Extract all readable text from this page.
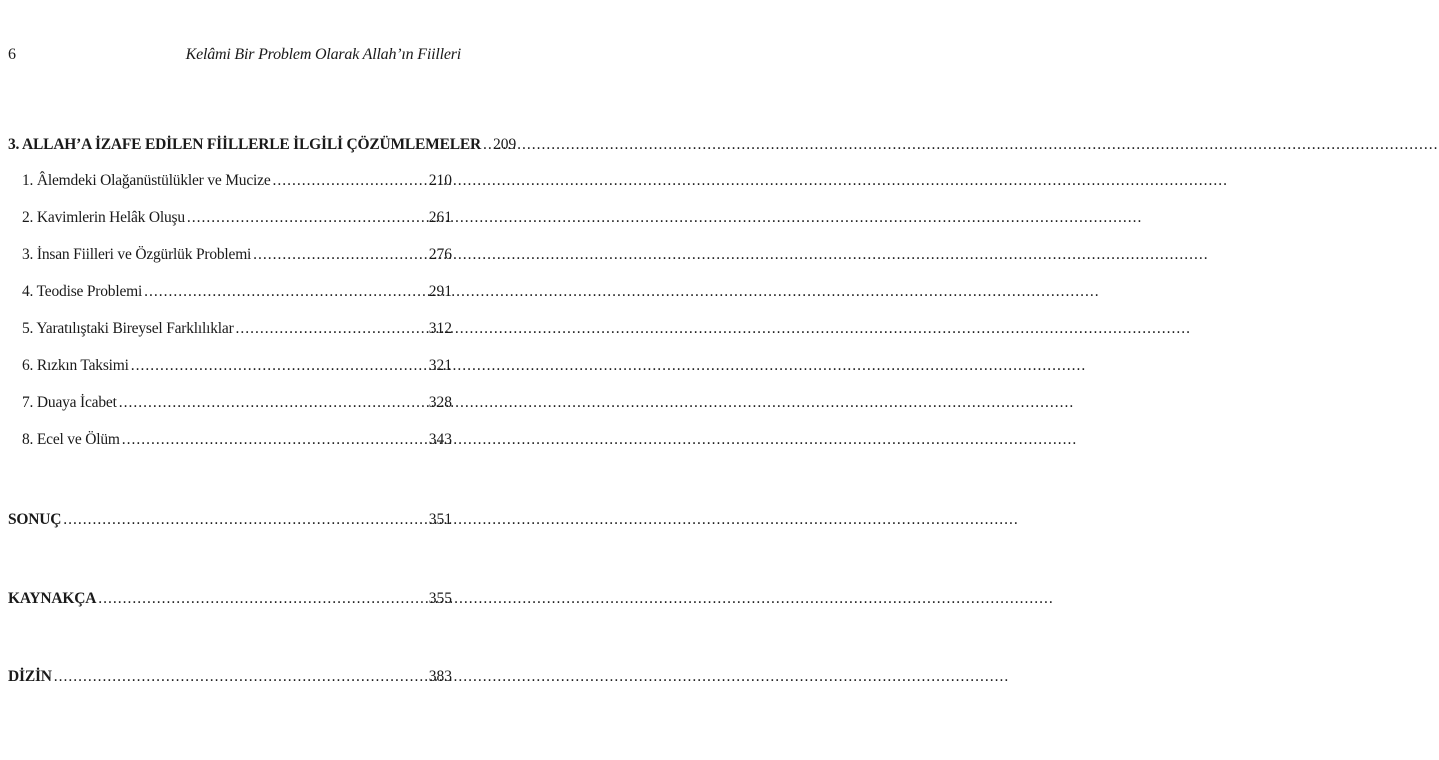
6	Kelâmi Bir Problem Olarak Allah’ın Fiilleri
3. ALLAH’A İZAFE EDİLEN FİİLLERLE İLGİLİ ÇÖZÜMLEMELER ..... 209
1. Âlemdeki Olağanüstülükler ve Mucize .....	210
2. Kavimlerin Helâk Oluşu .....	261
3. İnsan Fiilleri ve Özgürlük Problemi .....	276
4. Teodise Problemi .....	291
5. Yaratılıştaki Bireysel Farklılıklar .....	312
6. Rızkın Taksimi .....	321
7. Duaya İcabet .....	328
8. Ecel ve Ölüm .....	343
SONUÇ .....	351
KAYNAKÇA .....	355
DİZİN .....	383
